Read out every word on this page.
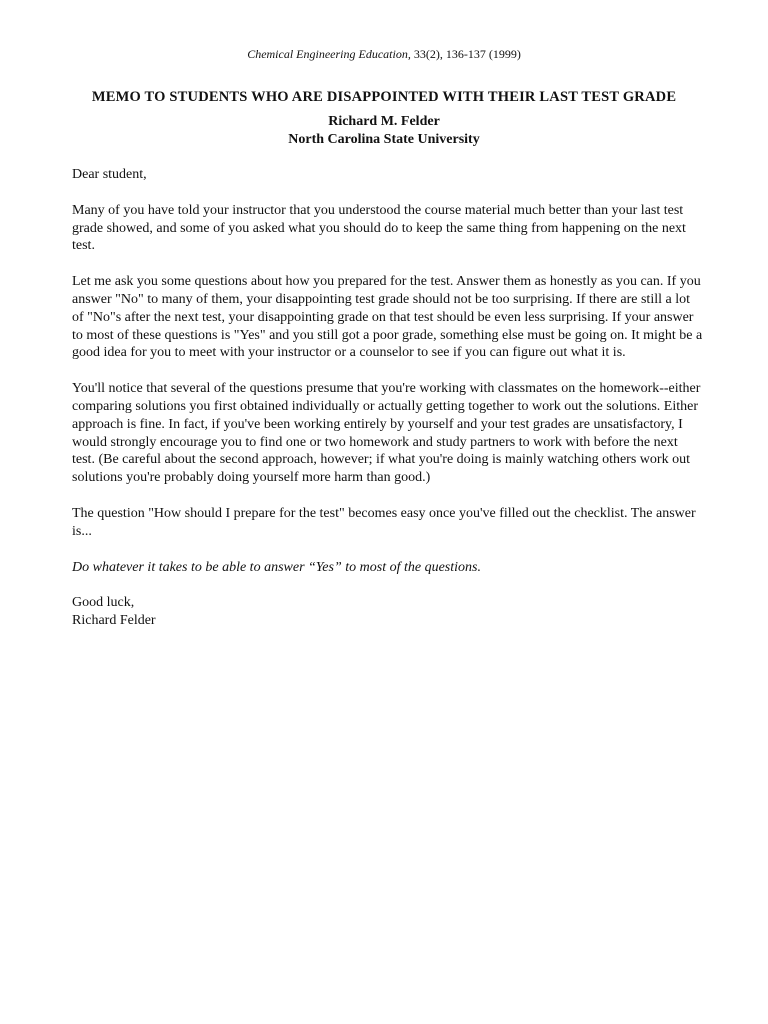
Chemical Engineering Education, 33(2), 136-137 (1999)
MEMO TO STUDENTS WHO ARE DISAPPOINTED WITH THEIR LAST TEST GRADE
Richard M. Felder
North Carolina State University

Dear student,

Many of you have told your instructor that you understood the course material much better than your last test grade showed, and some of you asked what you should do to keep the same thing from happening on the next test.

Let me ask you some questions about how you prepared for the test. Answer them as honestly as you can. If you answer "No" to many of them, your disappointing test grade should not be too surprising. If there are still a lot of "No"s after the next test, your disappointing grade on that test should be even less surprising. If your answer to most of these questions is "Yes" and you still got a poor grade, something else must be going on. It might be a good idea for you to meet with your instructor or a counselor to see if you can figure out what it is.

You'll notice that several of the questions presume that you're working with classmates on the homework--either comparing solutions you first obtained individually or actually getting together to work out the solutions. Either approach is fine. In fact, if you've been working entirely by yourself and your test grades are unsatisfactory, I would strongly encourage you to find one or two homework and study partners to work with before the next test. (Be careful about the second approach, however; if what you're doing is mainly watching others work out solutions you're probably doing yourself more harm than good.)

The question "How should I prepare for the test" becomes easy once you've filled out the checklist. The answer is...

Do whatever it takes to be able to answer “Yes” to most of the questions.

Good luck,

Richard Felder
